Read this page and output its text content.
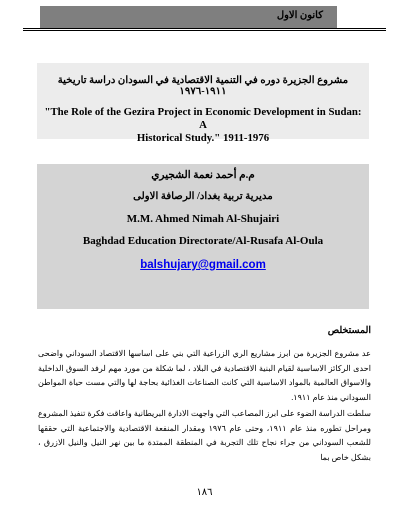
كانون الاول
مشروع الجزيرة دوره في التنمية الاقتصادية في السودان دراسة تاريخية ١٩١١-١٩٧٦
"The Role of the Gezira Project in Economic Development in Sudan: A
Historical Study." 1911-1976
م.م أحمد نعمة الشجيري
مديرية تربية بغداد/ الرصافة الاولى
M.M. Ahmed Nimah Al-Shujairi
Baghdad Education Directorate/Al-Rusafa Al-Oula
balshujary@gmail.com
المستخلص
عد مشروع الجزيرة من ابرز مشاريع الري الزراعية التي بني على اساسها الاقتصاد السوداني واضحى احدى الركائز الاساسية لقيام البنية الاقتصادية في البلاد ، لما شكلة من مورد مهم لرفد السوق الداخلية والاسواق العالمية بالمواد الاساسية التي كانت الصناعات الغذائية بحاجة لها والتي مست حياة المواطن السوداني منذ عام ١٩١١.
سلطت الدراسة الضوء على ابرز المصاعب التي واجهت الادارة البريطانية واعاقت فكرة تنفيذ المشروع ومراحل تطوره منذ عام ١٩١١، وحتى عام ١٩٧٦ ومقدار المنفعة الاقتصادية والاجتماعية التي حققها للشعب السوداني من جراء نجاح تلك التجربة في المنطقة الممتدة ما بين نهر النيل والنيل الازرق ، بشكل خاص بما
١٨٦
